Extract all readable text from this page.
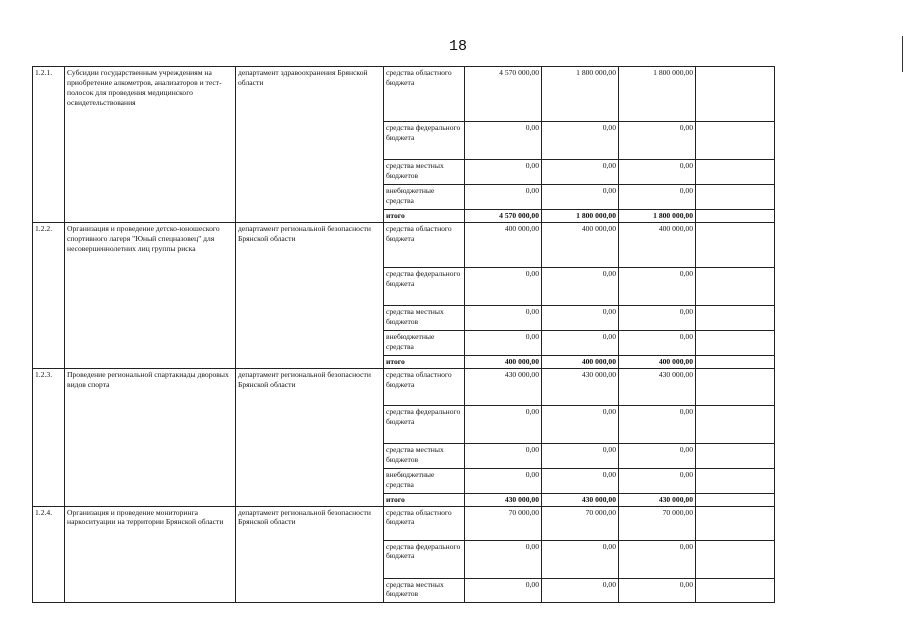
18
1.2.1.	Субсидии государственным учреждениям на приобретение алкометров, анализаторов и тест-полосок для проведения медицинского освидетельствования	департамент здравоохранения Брянской области	средства областного бюджета	4 570 000,00	1 800 000,00	1 800 000,00	
			средства федерального бюджета	0,00	0,00	0,00	
			средства местных бюджетов	0,00	0,00	0,00	
			внебюджетные средства	0,00	0,00	0,00	
			итого	4 570 000,00	1 800 000,00	1 800 000,00	
1.2.2.	Организация и проведение детско-юношеского спортивного лагеря "Юный спецназовец" для несовершеннолетних лиц группы риска	департамент региональной безопасности Брянской области	средства областного бюджета	400 000,00	400 000,00	400 000,00	
			средства федерального бюджета	0,00	0,00	0,00	
			средства местных бюджетов	0,00	0,00	0,00	
			внебюджетные средства	0,00	0,00	0,00	
			итого	400 000,00	400 000,00	400 000,00	
1.2.3.	Проведение региональной спартакиады дворовых видов спорта	департамент региональной безопасности Брянской области	средства областного бюджета	430 000,00	430 000,00	430 000,00	
			средства федерального бюджета	0,00	0,00	0,00	
			средства местных бюджетов	0,00	0,00	0,00	
			внебюджетные средства	0,00	0,00	0,00	
			итого	430 000,00	430 000,00	430 000,00	
1.2.4.	Организация и проведение мониторинга наркоситуации на территории Брянской области	департамент региональной безопасности Брянской области	средства областного бюджета	70 000,00	70 000,00	70 000,00	
			средства федерального бюджета	0,00	0,00	0,00	
			средства местных бюджетов	0,00	0,00	0,00	
